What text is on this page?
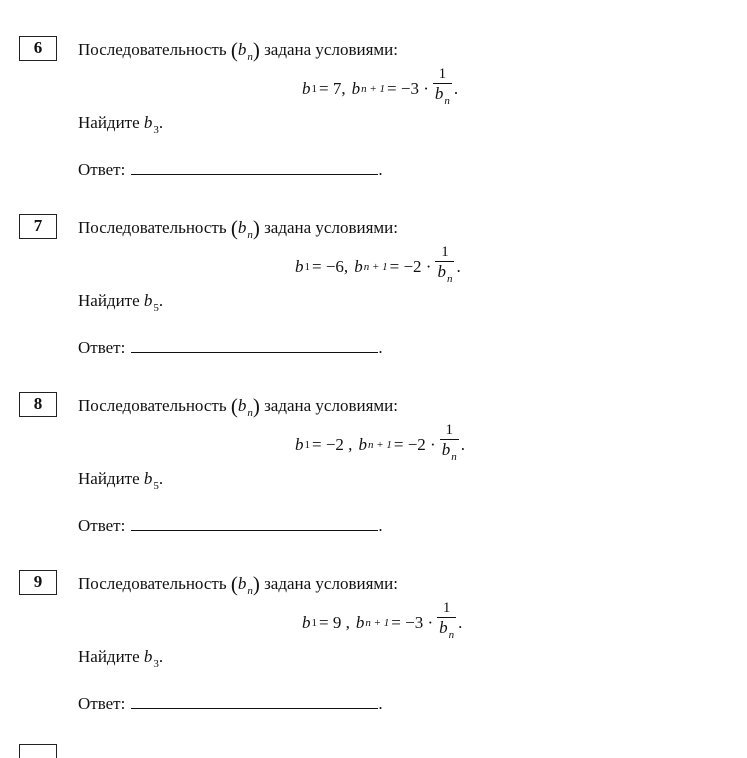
6	Последовательность $(b_n)$ задана условиями:
b 1 = 7, b $n + 1 = -3 \cdot \frac{1}{b_n}$ .
Найдите $b_3$.
Ответ:	.
7	Последовательность $(b_n)$ задана условиями:
b 1 = −6, b $n + 1 = -2 \cdot \frac{1}{b_n}$ .
Найдите $b_5$.
Ответ:	.
8	Последовательность $(b_n)$ задана условиями:
b 1 = −2 , b $n + 1 = -2 \cdot \frac{1}{b_n}$ .
Найдите $b_5$.
Ответ:	.
9	Последовательность $(b_n)$ задана условиями:
b 1 = 9 , b $n + 1 = -3 \cdot \frac{1}{b_n}$ .
Найдите $b_3$.
Ответ:	.
